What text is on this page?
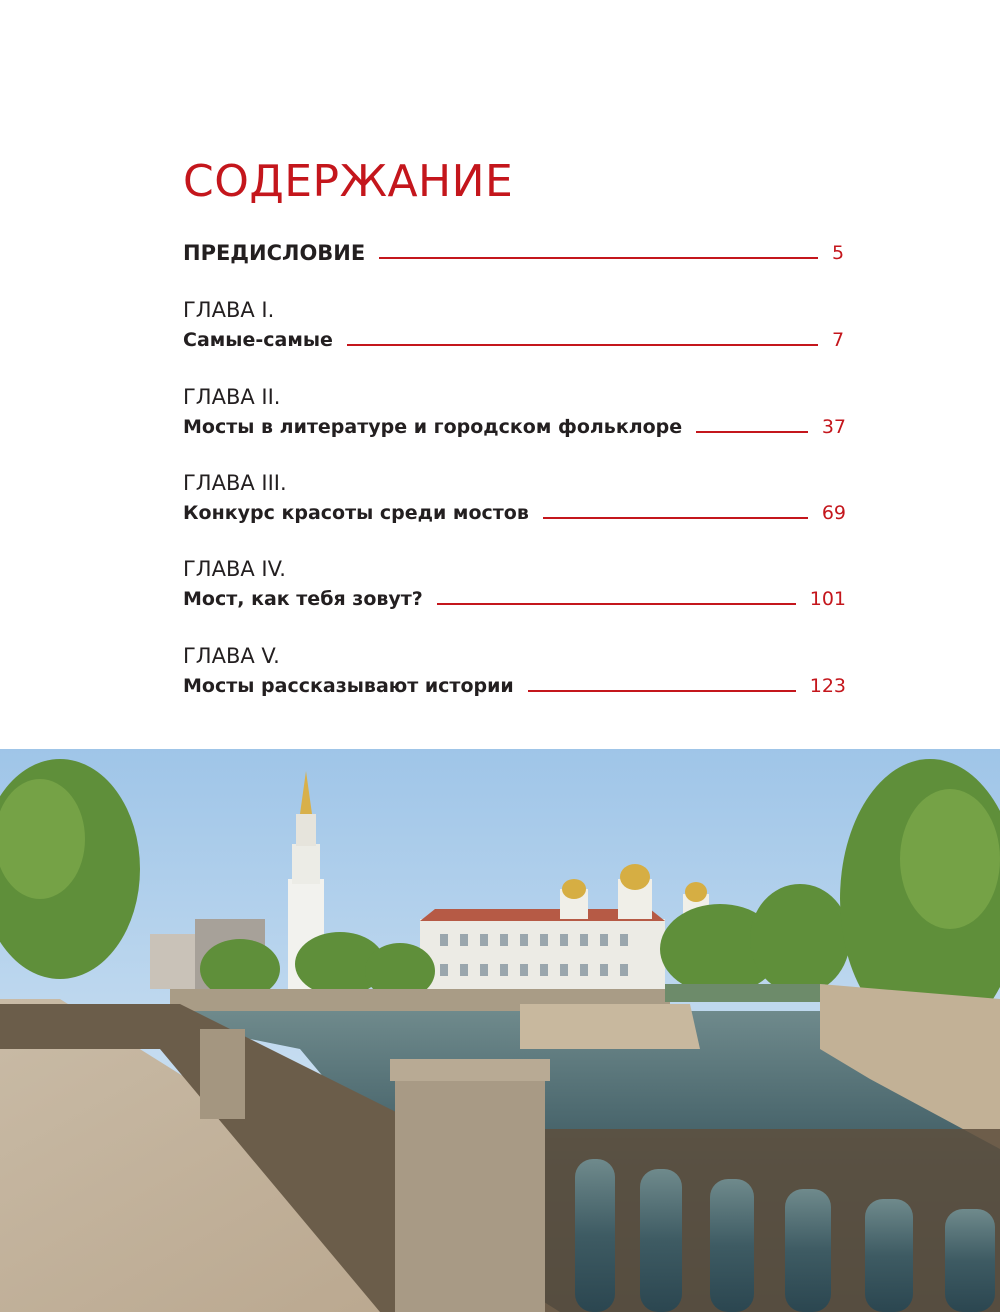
СОДЕРЖАНИЕ
ПРЕДИСЛОВИЕ	5
ГЛАВА I.
Самые-самые	7
ГЛАВА II.
Мосты в литературе и городском фольклоре	37
ГЛАВА III.
Конкурс красоты среди мостов	69
ГЛАВА IV.
Мост, как тебя зовут?	101
ГЛАВА V.
Мосты рассказывают истории	123
